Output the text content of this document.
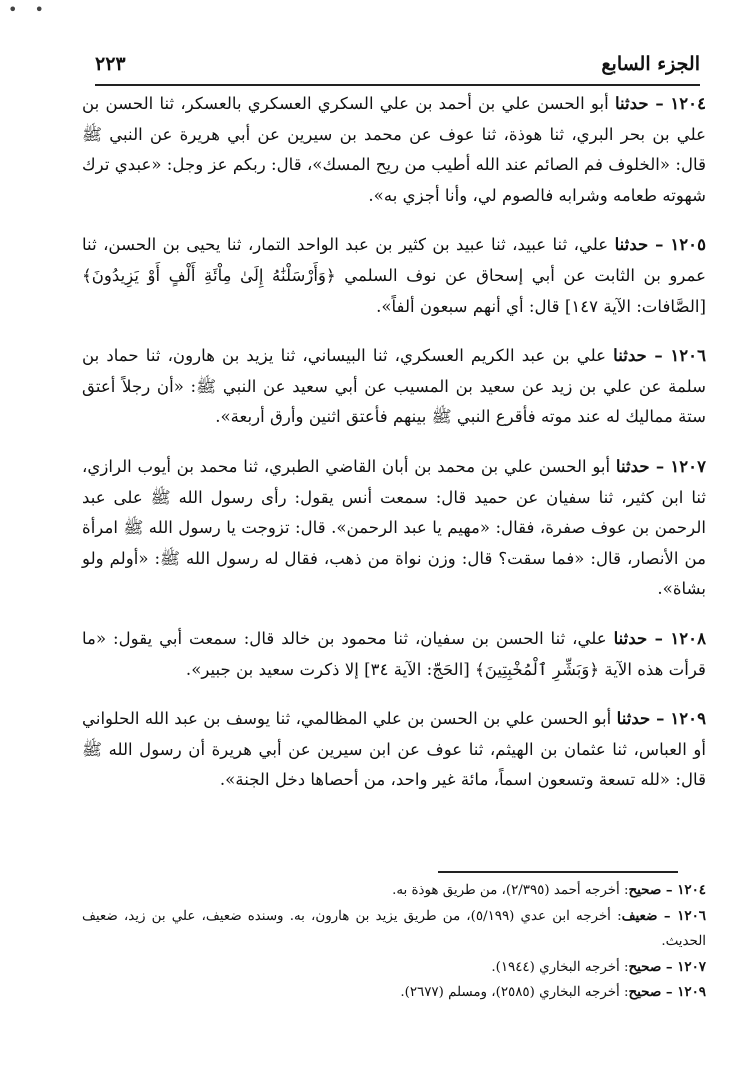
• •
الجزء السابع
٢٢٣

١٢٠٤ – حدثنا أبو الحسن علي بن أحمد بن علي السكري العسكري بالعسكر، ثنا الحسن بن علي بن بحر البري، ثنا هوذة، ثنا عوف عن محمد بن سيرين عن أبي هريرة عن النبي ﷺ قال: «الخلوف فم الصائم عند الله أطيب من ريح المسك»، قال: ربكم عز وجل: «عبدي ترك شهوته طعامه وشرابه فالصوم لي، وأنا أجزي به».

١٢٠٥ – حدثنا علي، ثنا عبيد، ثنا عبيد بن كثير بن عبد الواحد التمار، ثنا يحيى بن الحسن، ثنا عمرو بن الثابت عن أبي إسحاق عن نوف السلمي ﴿وَأَرْسَلْنَٰهُ إِلَىٰ مِاْئَةِ أَلْفٍ أَوْ يَزِيدُونَ﴾ [الصَّافات: الآية ١٤٧] قال: أي أنهم سبعون ألفاً».

١٢٠٦ – حدثنا علي بن عبد الكريم العسكري، ثنا البيساني، ثنا يزيد بن هارون، ثنا حماد بن سلمة عن علي بن زيد عن سعيد بن المسيب عن أبي سعيد عن النبي ﷺ: «أن رجلاً أعتق ستة مماليك له عند موته فأقرع النبي ﷺ بينهم فأعتق اثنين وأرق أربعة».

١٢٠٧ – حدثنا أبو الحسن علي بن محمد بن أبان القاضي الطبري، ثنا محمد بن أيوب الرازي، ثنا ابن كثير، ثنا سفيان عن حميد قال: سمعت أنس يقول: رأى رسول الله ﷺ على عبد الرحمن بن عوف صفرة، فقال: «مهيم يا عبد الرحمن». قال: تزوجت يا رسول الله ﷺ امرأة من الأنصار، قال: «فما سقت؟ قال: وزن نواة من ذهب، فقال له رسول الله ﷺ: «أولم ولو بشاة».

١٢٠٨ – حدثنا علي، ثنا الحسن بن سفيان، ثنا محمود بن خالد قال: سمعت أبي يقول: «ما قرأت هذه الآية ﴿وَبَشِّرِ ٱلْمُخْبِتِينَ﴾ [الحَجّ: الآية ٣٤] إلا ذكرت سعيد بن جبير».

١٢٠٩ – حدثنا أبو الحسن علي بن الحسن بن علي المظالمي، ثنا يوسف بن عبد الله الحلواني أو العباس، ثنا عثمان بن الهيثم، ثنا عوف عن ابن سيرين عن أبي هريرة أن رسول الله ﷺ قال: «لله تسعة وتسعون اسماً، مائة غير واحد، من أحصاها دخل الجنة».

١٢٠٤ – صحيح: أخرجه أحمد (٢/٣٩٥)، من طريق هوذة به.

١٢٠٦ – ضعيف: أخرجه ابن عدي (٥/١٩٩)، من طريق يزيد بن هارون، به. وسنده ضعيف، علي بن زيد، ضعيف الحديث.

١٢٠٧ – صحيح: أخرجه البخاري (١٩٤٤).

١٢٠٩ – صحيح: أخرجه البخاري (٢٥٨٥)، ومسلم (٢٦٧٧).
